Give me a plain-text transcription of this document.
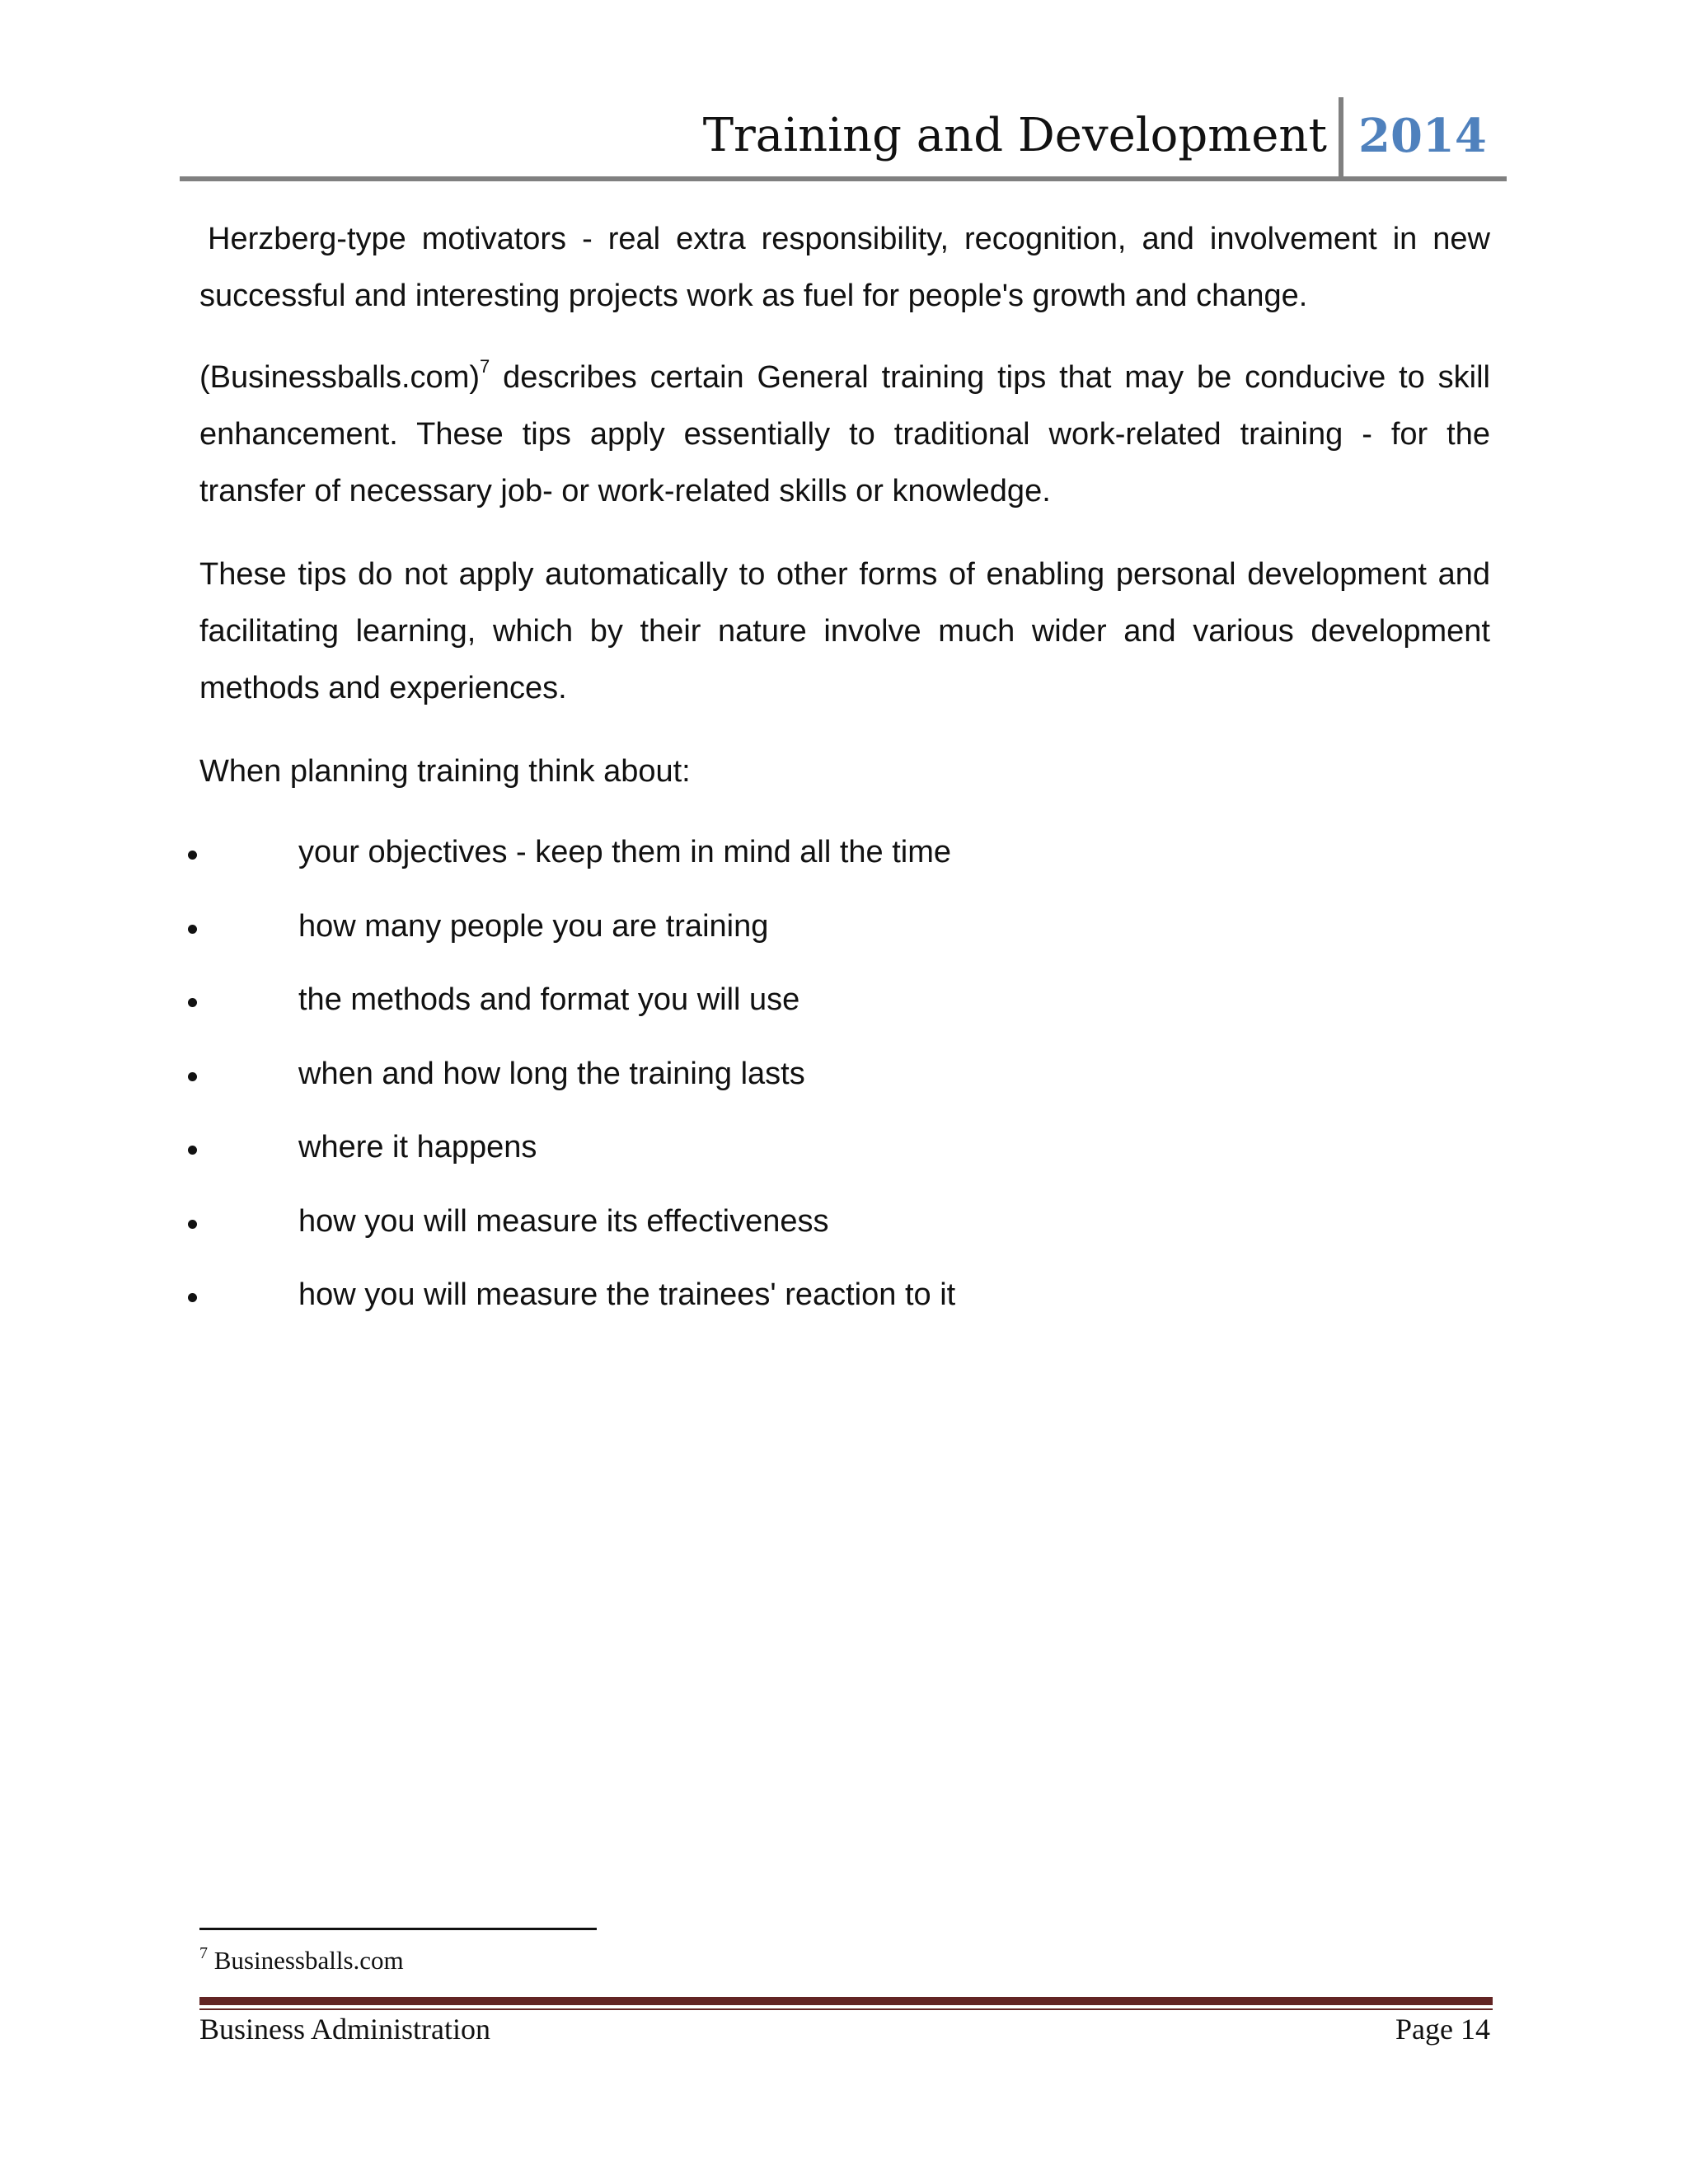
Training and Development 2014
Herzberg-type motivators - real extra responsibility, recognition, and involvement in new successful and interesting projects work as fuel for people's growth and change.
(Businessballs.com)$^7$ describes certain General training tips that may be conducive to skill enhancement. These tips apply essentially to traditional work-related training - for the transfer of necessary job- or work-related skills or knowledge.
These tips do not apply automatically to other forms of enabling personal development and facilitating learning, which by their nature involve much wider and various development methods and experiences.
When planning training think about:
your objectives - keep them in mind all the time
how many people you are training
the methods and format you will use
when and how long the training lasts
where it happens
how you will measure its effectiveness
how you will measure the trainees' reaction to it
$^7$ Businessballs.com
Business Administration	Page 14
